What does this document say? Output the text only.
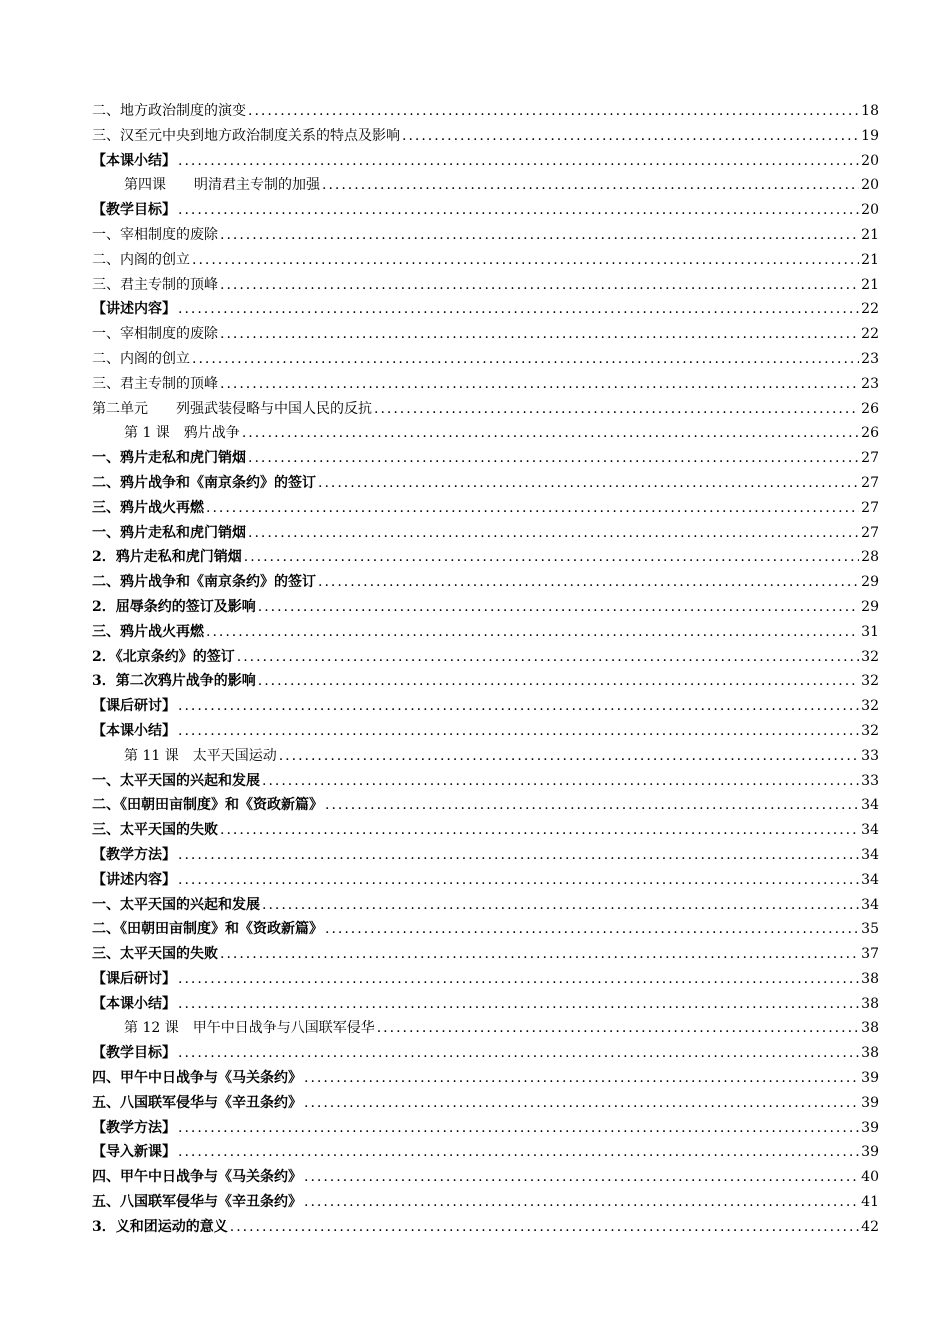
二、地方政治制度的演变 .....	18
三、汉至元中央到地方政治制度关系的特点及影响 .....	19
【本课小结】 .....	20
第四课　　明清君主专制的加强 .....	20
【教学目标】 .....	20
一、宰相制度的废除 .....	21
二、内阁的创立 .....	21
三、君主专制的顶峰 .....	21
【讲述内容】 .....	22
一、宰相制度的废除 .....	22
二、内阁的创立 .....	23
三、君主专制的顶峰 .....	23
第二单元　　列强武装侵略与中国人民的反抗 .....	26
第 1 课　鸦片战争 .....	26
一、鸦片走私和虎门销烟 .....	27
二、鸦片战争和《南京条约》的签订 .....	27
三、鸦片战火再燃 .....	27
一、鸦片走私和虎门销烟 .....	27
2．鸦片走私和虎门销烟 .....	28
二、鸦片战争和《南京条约》的签订 .....	29
2．屈辱条约的签订及影响 .....	29
三、鸦片战火再燃 .....	31
2．《北京条约》的签订 .....	32
3．第二次鸦片战争的影响 .....	32
【课后研讨】 .....	32
【本课小结】 .....	32
第 11 课　太平天国运动 .....	33
一、太平天国的兴起和发展 .....	33
二、《田朝田亩制度》和《资政新篇》 .....	34
三、太平天国的失败 .....	34
【教学方法】 .....	34
【讲述内容】 .....	34
一、太平天国的兴起和发展 .....	34
二、《田朝田亩制度》和《资政新篇》 .....	35
三、太平天国的失败 .....	37
【课后研讨】 .....	38
【本课小结】 .....	38
第 12 课　甲午中日战争与八国联军侵华 .....	38
【教学目标】 .....	38
四、甲午中日战争与《马关条约》 .....	39
五、八国联军侵华与《辛丑条约》 .....	39
【教学方法】 .....	39
【导入新课】 .....	39
四、甲午中日战争与《马关条约》 .....	40
五、八国联军侵华与《辛丑条约》 .....	41
3．义和团运动的意义 .....	42
